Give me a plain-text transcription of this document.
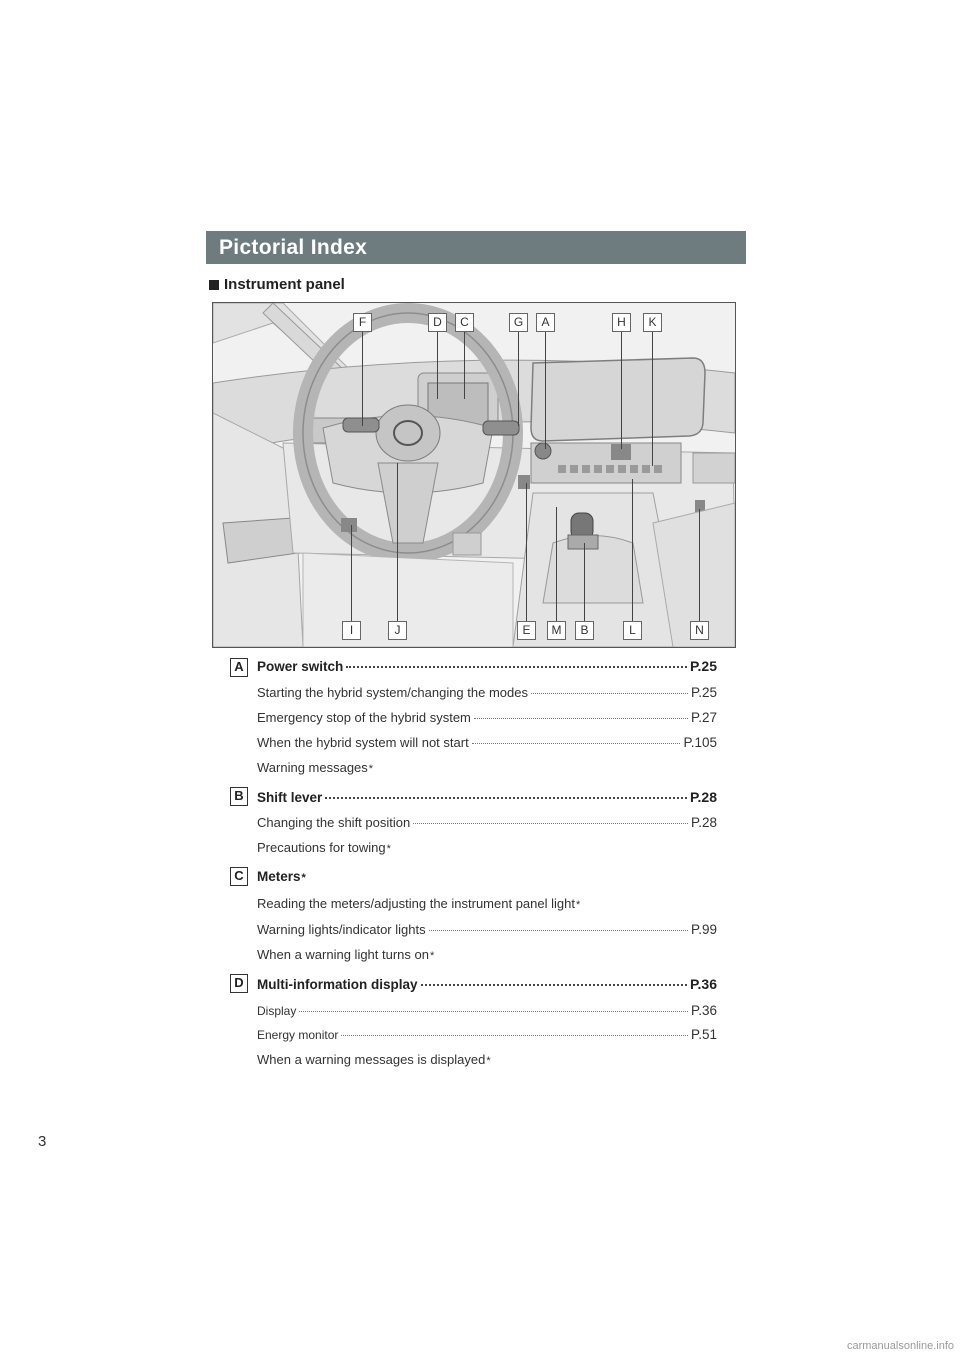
3
Pictorial Index
Instrument panel
F	D	C	G	A	H	K
I	J	E	M	B	L	N
A Power switch	P.25
Starting the hybrid system/changing the modes	P.25
Emergency stop of the hybrid system	P.27
When the hybrid system will not start	P.105
Warning messages *
B Shift lever	P.28
Changing the shift position	P.28
Precautions for towing *
C Meters *
Reading the meters/adjusting the instrument panel light *
Warning lights/indicator lights	P.99
When a warning light turns on *
D Multi-information display	P.36
Display	P.36
Energy monitor	P.51
When a warning messages is displayed *
carmanualsonline.info
